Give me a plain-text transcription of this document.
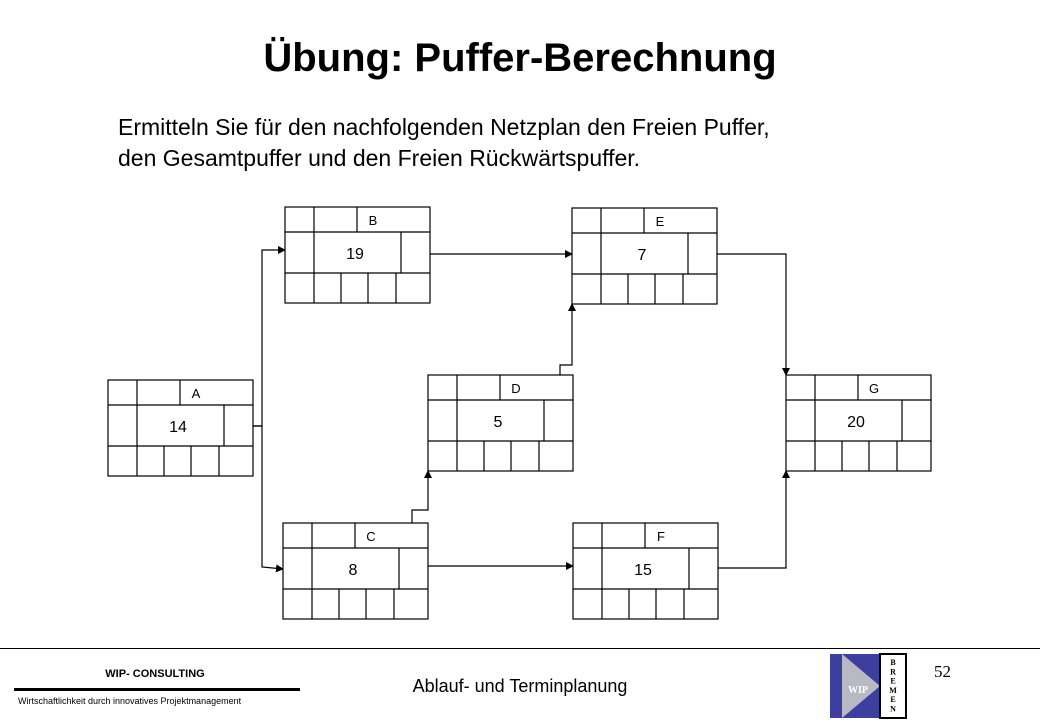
Übung: Puffer-Berechnung
Ermitteln Sie für den nachfolgenden Netzplan den Freien Puffer,
den Gesamtpuffer und den Freien Rückwärtspuffer.
A
14
B
19
C
8
D
5
E
7
F
15
G
20
WIP- CONSULTING
Wirtschaftlichkeit durch innovatives Projektmanagement
Ablauf- und Terminplanung
52
WIP
B
R
E
M
E
N
